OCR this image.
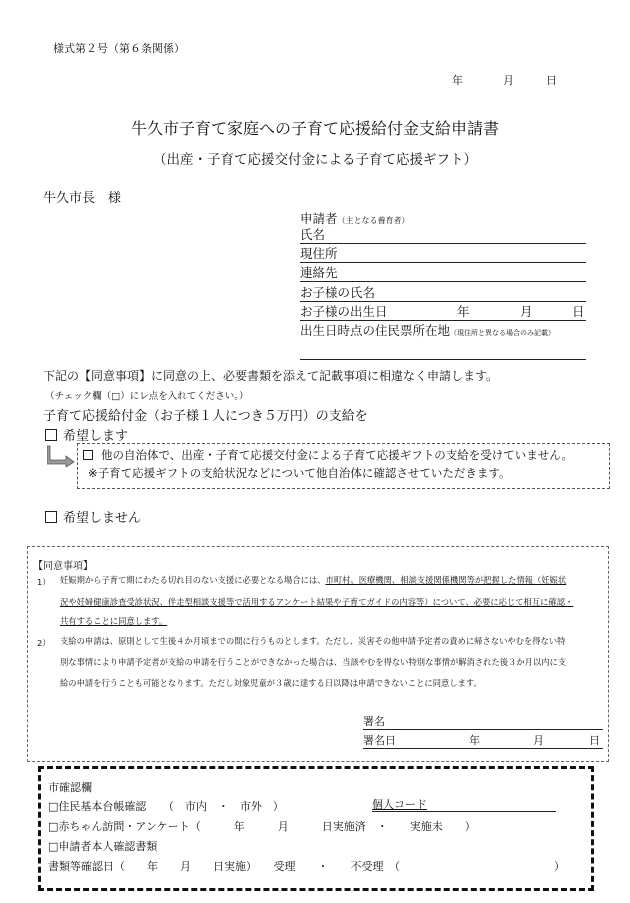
様式第２号（第６条関係）
年	月	日
牛久市子育て家庭への子育て応援給付金支給申請書
（出産・子育て応援交付金による子育て応援ギフト）
牛久市長　様
申請者（主となる養育者）
氏名
現住所
連絡先
お子様の氏名
お子様の出生日	年	月	日
出生日時点の住民票所在地（現住所と異なる場合のみ記載）
下記の【同意事項】に同意の上、必要書類を添えて記載事項に相違なく申請します。
（チェック欄（□）にレ点を入れてください。）
子育て応援給付金（お子様１人につき５万円）の支給を
希望します
他の自治体で、出産・子育て応援交付金による子育て応援ギフトの支給を受けていません。
※子育て応援ギフトの支給状況などについて他自治体に確認させていただきます。
希望しません
【同意事項】
1） 妊娠期から子育て期にわたる切れ目のない支援に必要となる場合には、市町村、医療機関、相談支援関係機関等が把握した情報（妊娠状
況や妊婦健康診査受診状況、伴走型相談支援等で活用するアンケート結果や子育てガイドの内容等）について、必要に応じて相互に確認・
共有することに同意します。
2） 支給の申請は、原則として生後４か月頃までの間に行うものとします。ただし、災害その他申請予定者の責めに帰さないやむを得ない特
別な事情により申請予定者が支給の申請を行うことができなかった場合は、当該やむを得ない特別な事情が解消された後３か月以内に支
給の申請を行うことも可能となります。ただし対象児童が３歳に達する日以降は申請できないことに同意します。
署名
署名日	年	月	日
市確認欄
□住民基本台帳確認　　（　市内　・　市外　）	個人コード
□赤ちゃん訪問・アンケート（　　　年　　　月　　　日実施済　・　　実施未　　）
□申請者本人確認書類
書類等確認日（　　年　　月　　日実施）　　受理　　・　　不受理　（　　　　　　　　　　　　　　）
